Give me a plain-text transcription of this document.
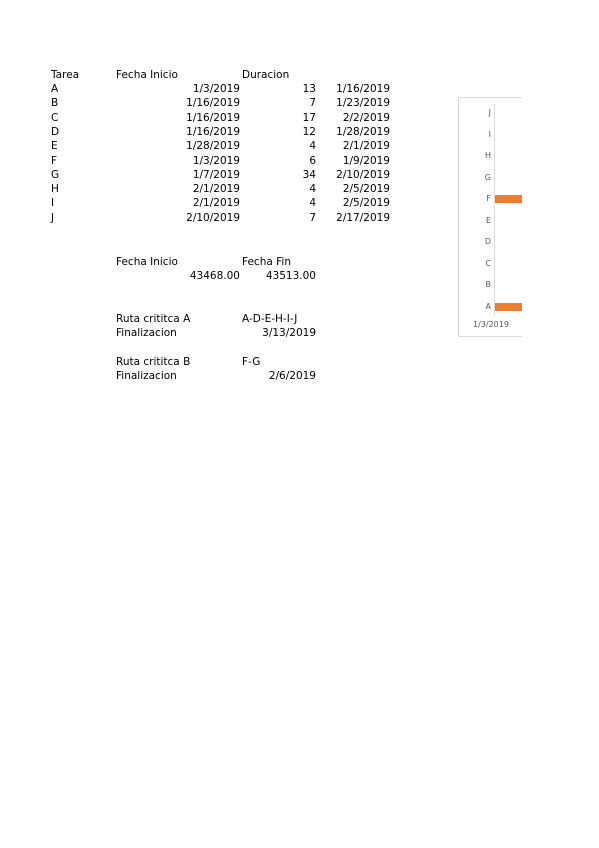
Tarea	Fecha Inicio	Duracion
A	1/3/2019	13	1/16/2019
B	1/16/2019	7	1/23/2019
C	1/16/2019	17	2/2/2019
D	1/16/2019	12	1/28/2019
E	1/28/2019	4	2/1/2019
F	1/3/2019	6	1/9/2019
G	1/7/2019	34	2/10/2019
H	2/1/2019	4	2/5/2019
I	2/1/2019	4	2/5/2019
J	2/10/2019	7	2/17/2019
Fecha Inicio	Fecha Fin
43468.00	43513.00
Ruta crititca A	A-D-E-H-I-J
Finalizacion	3/13/2019
Ruta crititca B	F-G
Finalizacion	2/6/2019
A
B
C
D
E
F
G
H
I
J
1/3/2019
